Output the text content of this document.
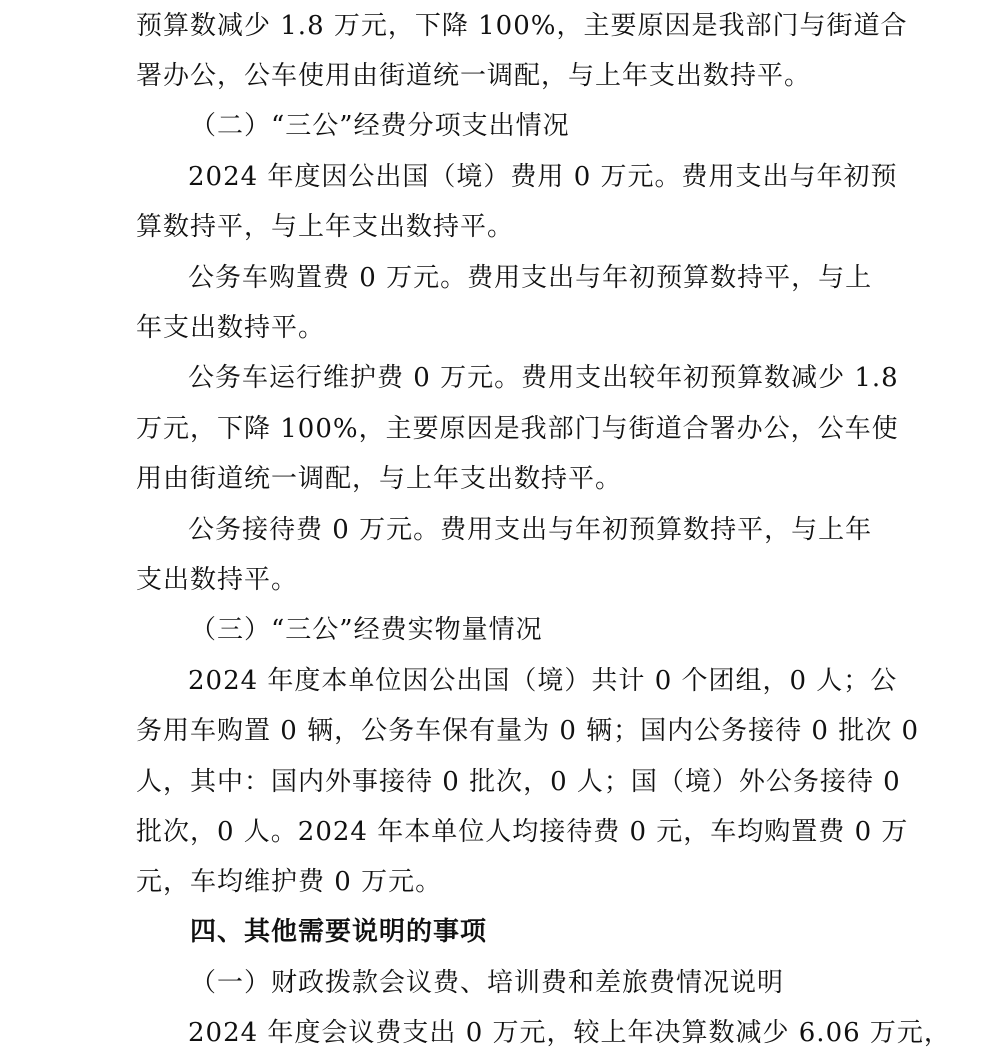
预算数减少 1.8 万元，下降 100%，主要原因是我部门与街道合
署办公，公车使用由街道统一调配，与上年支出数持平。
（二）“三公”经费分项支出情况
2024 年度因公出国（境）费用 0 万元。费用支出与年初预
算数持平，与上年支出数持平。
公务车购置费 0 万元。费用支出与年初预算数持平，与上
年支出数持平。
公务车运行维护费 0 万元。费用支出较年初预算数减少 1.8
万元，下降 100%，主要原因是我部门与街道合署办公，公车使
用由街道统一调配，与上年支出数持平。
公务接待费 0 万元。费用支出与年初预算数持平，与上年
支出数持平。
（三）“三公”经费实物量情况
2024 年度本单位因公出国（境）共计 0 个团组，0 人；公
务用车购置 0 辆，公务车保有量为 0 辆；国内公务接待 0 批次 0
人，其中：国内外事接待 0 批次，0 人；国（境）外公务接待 0
批次，0 人。2024 年本单位人均接待费 0 元，车均购置费 0 万
元，车均维护费 0 万元。
四、其他需要说明的事项
（一）财政拨款会议费、培训费和差旅费情况说明
2024 年度会议费支出 0 万元，较上年决算数减少 6.06 万元，
